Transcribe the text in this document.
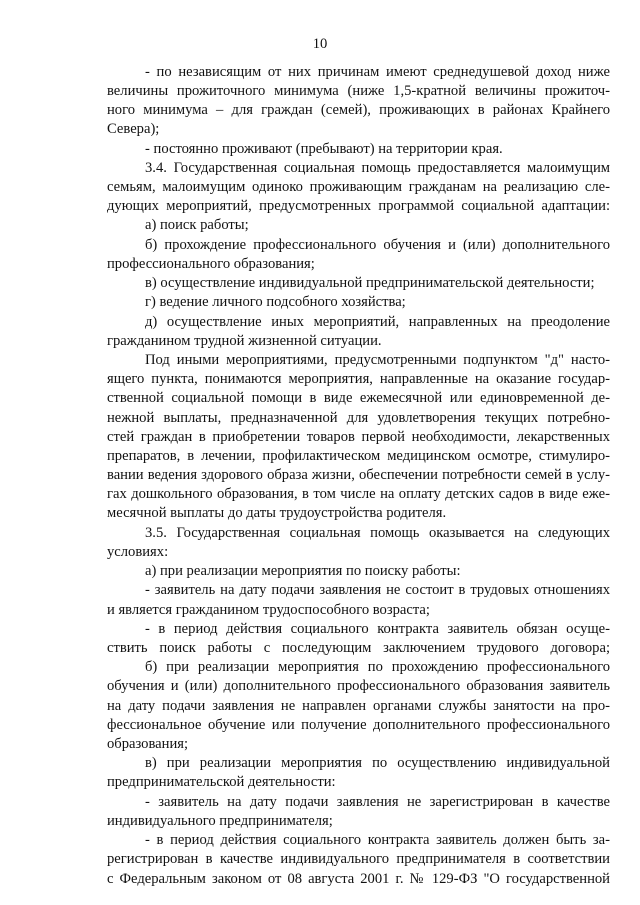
10
- по независящим от них причинам имеют среднедушевой доход ниже
величины прожиточного минимума (ниже 1,5-кратной величины прожиточ-
ного минимума – для граждан (семей), проживающих в районах Крайнего
Севера);
- постоянно проживают (пребывают) на территории края.
3.4. Государственная социальная помощь предоставляется малоимущим
семьям, малоимущим одиноко проживающим гражданам на реализацию сле-
дующих мероприятий, предусмотренных программой социальной адаптации:
а) поиск работы;
б) прохождение профессионального обучения и (или) дополнительного
профессионального образования;
в) осуществление индивидуальной предпринимательской деятельности;
г) ведение личного подсобного хозяйства;
д) осуществление иных мероприятий, направленных на преодоление
гражданином трудной жизненной ситуации.
Под иными мероприятиями, предусмотренными подпунктом "д" насто-
ящего пункта, понимаются мероприятия, направленные на оказание государ-
ственной социальной помощи в виде ежемесячной или единовременной де-
нежной выплаты, предназначенной для удовлетворения текущих потребно-
стей граждан в приобретении товаров первой необходимости, лекарственных
препаратов, в лечении, профилактическом медицинском осмотре, стимулиро-
вании ведения здорового образа жизни, обеспечении потребности семей в услу-
гах дошкольного образования, в том числе на оплату детских садов в виде еже-
месячной выплаты до даты трудоустройства родителя.
3.5. Государственная социальная помощь оказывается на следующих
условиях:
а) при реализации мероприятия по поиску работы:
- заявитель на дату подачи заявления не состоит в трудовых отношениях
и является гражданином трудоспособного возраста;
- в период действия социального контракта заявитель обязан осуще-
ствить поиск работы с последующим заключением трудового договора;
б) при реализации мероприятия по прохождению профессионального
обучения и (или) дополнительного профессионального образования заявитель
на дату подачи заявления не направлен органами службы занятости на про-
фессиональное обучение или получение дополнительного профессионального
образования;
в) при реализации мероприятия по осуществлению индивидуальной
предпринимательской деятельности:
- заявитель на дату подачи заявления не зарегистрирован в качестве
индивидуального предпринимателя;
- в период действия социального контракта заявитель должен быть за-
регистрирован в качестве индивидуального предпринимателя в соответствии
с Федеральным законом от 08 августа 2001 г. № 129-ФЗ "О государственной
